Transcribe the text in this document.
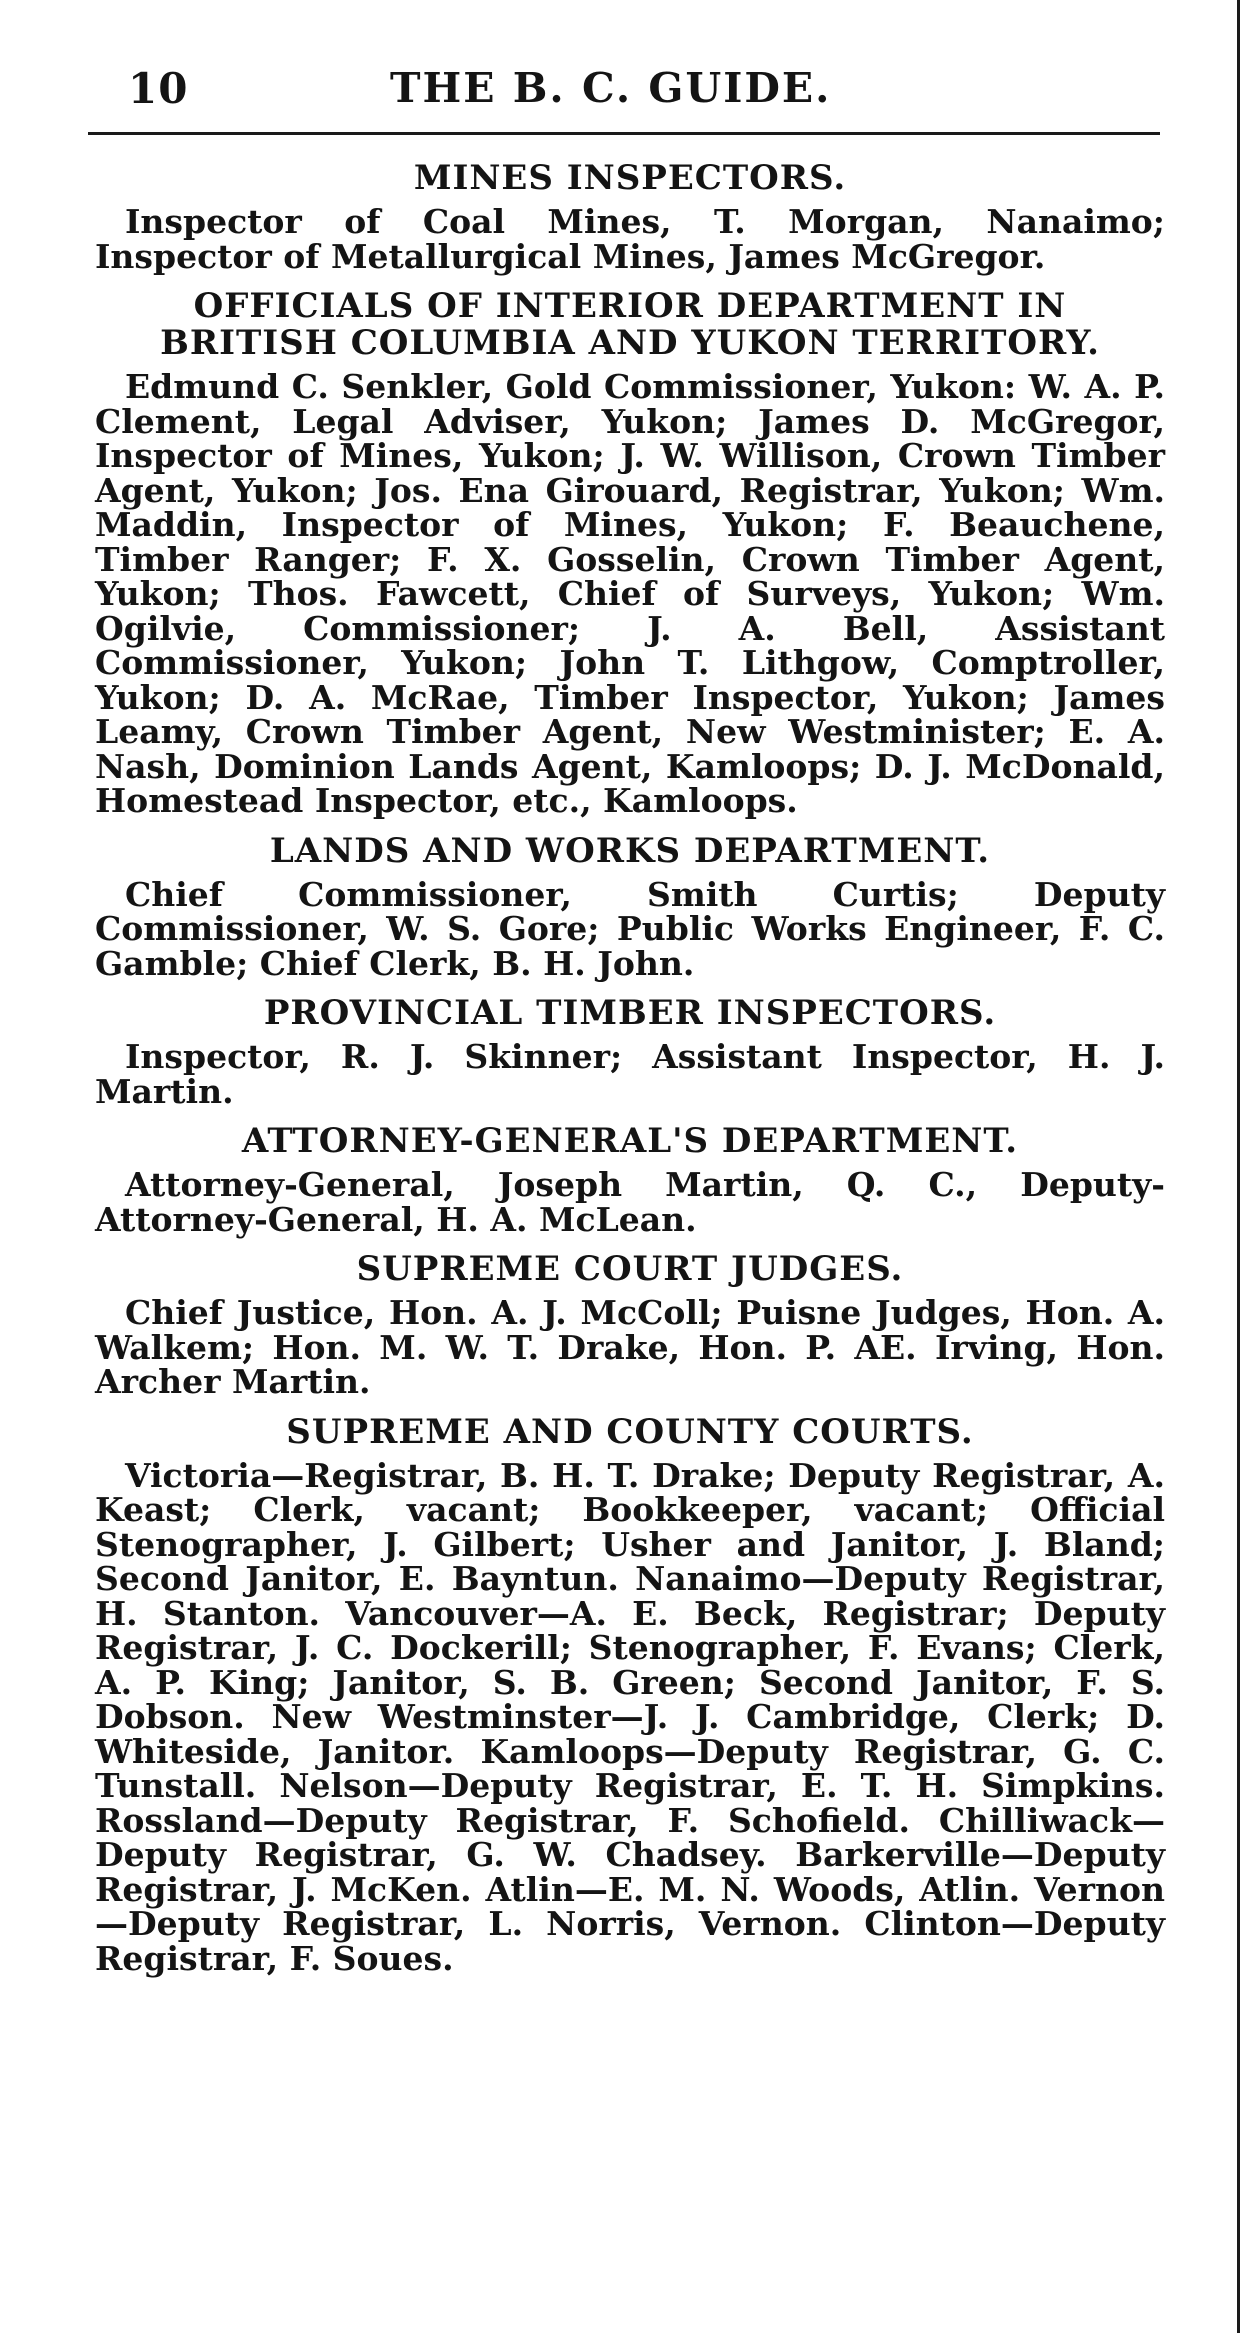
10	THE B. C. GUIDE.
MINES INSPECTORS.

Inspector of Coal Mines, T. Morgan, Nanaimo; Inspector of Metallurgical Mines, James McGregor.

OFFICIALS OF INTERIOR DEPARTMENT IN BRITISH COLUMBIA AND YUKON TERRITORY.

Edmund C. Senkler, Gold Commissioner, Yukon: W. A. P. Clement, Legal Adviser, Yukon; James D. McGregor, Inspector of Mines, Yukon; J. W. Willison, Crown Timber Agent, Yukon; Jos. Ena Girouard, Registrar, Yukon; Wm. Maddin, Inspector of Mines, Yukon; F. Beauchene, Timber Ranger; F. X. Gosselin, Crown Timber Agent, Yukon; Thos. Fawcett, Chief of Surveys, Yukon; Wm. Ogilvie, Commissioner; J. A. Bell, Assistant Commissioner, Yukon; John T. Lithgow, Comptroller, Yukon; D. A. McRae, Timber Inspector, Yukon; James Leamy, Crown Timber Agent, New Westminister; E. A. Nash, Dominion Lands Agent, Kamloops; D. J. McDonald, Homestead Inspector, etc., Kamloops.

LANDS AND WORKS DEPARTMENT.

Chief Commissioner, Smith Curtis; Deputy Commissioner, W. S. Gore; Public Works Engineer, F. C. Gamble; Chief Clerk, B. H. John.

PROVINCIAL TIMBER INSPECTORS.

Inspector, R. J. Skinner; Assistant Inspector, H. J. Martin.

ATTORNEY-GENERAL'S DEPARTMENT.

Attorney-General, Joseph Martin, Q. C., Deputy-Attorney-General, H. A. McLean.

SUPREME COURT JUDGES.

Chief Justice, Hon. A. J. McColl; Puisne Judges, Hon. A. Walkem; Hon. M. W. T. Drake, Hon. P. AE. Irving, Hon. Archer Martin.

SUPREME AND COUNTY COURTS.

Victoria—Registrar, B. H. T. Drake; Deputy Registrar, A. Keast; Clerk, vacant; Bookkeeper, vacant; Official Stenographer, J. Gilbert; Usher and Janitor, J. Bland; Second Janitor, E. Bayntun. Nanaimo—Deputy Registrar, H. Stanton. Vancouver—A. E. Beck, Registrar; Deputy Registrar, J. C. Dockerill; Stenographer, F. Evans; Clerk, A. P. King; Janitor, S. B. Green; Second Janitor, F. S. Dobson. New Westminster—J. J. Cambridge, Clerk; D. Whiteside, Janitor. Kamloops—Deputy Registrar, G. C. Tunstall. Nelson—Deputy Registrar, E. T. H. Simpkins. Rossland—Deputy Registrar, F. Schofield. Chilliwack—Deputy Registrar, G. W. Chadsey. Barkerville—Deputy Registrar, J. McKen. Atlin—E. M. N. Woods, Atlin. Vernon—Deputy Registrar, L. Norris, Vernon. Clinton—Deputy Registrar, F. Soues.
